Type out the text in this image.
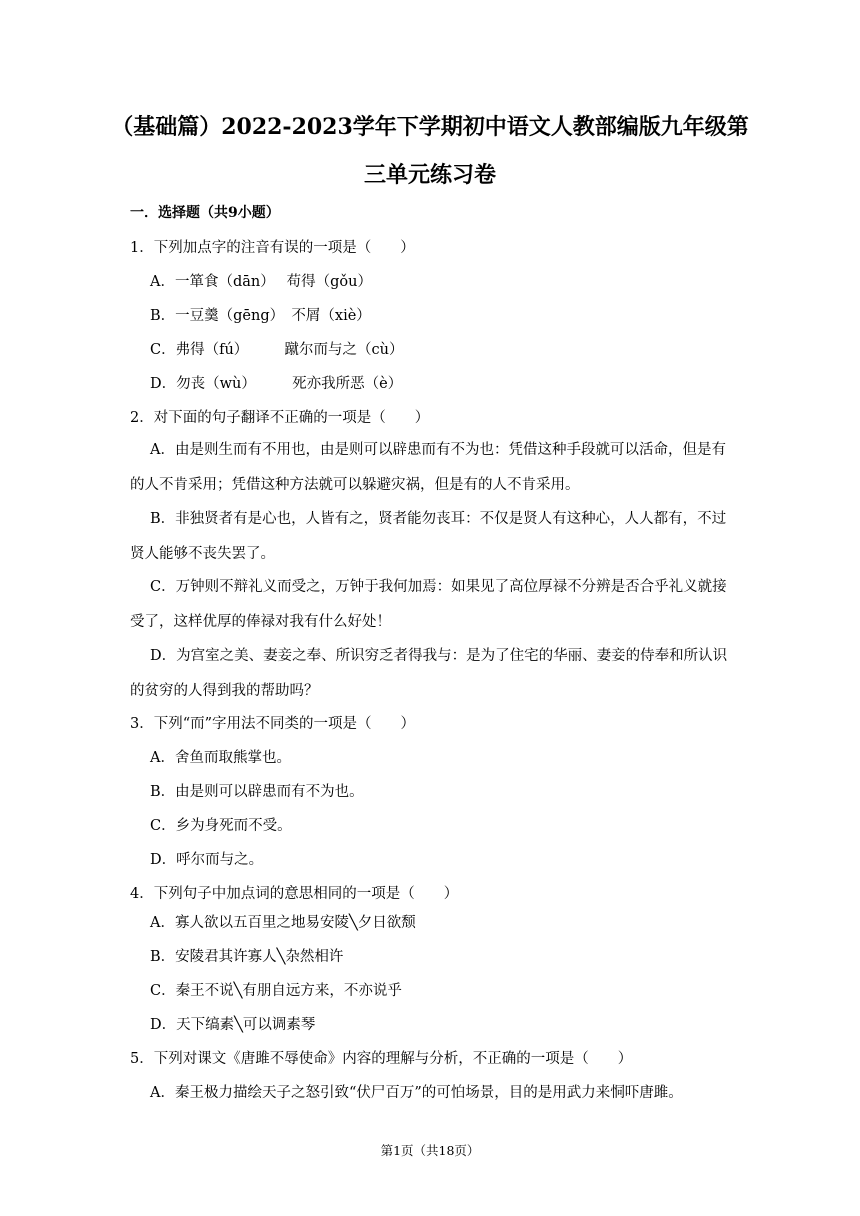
（基础篇）2022-2023学年下学期初中语文人教部编版九年级第
三单元练习卷
一．选择题（共9小题）
1．下列加点字的注音有误的一项是（　　）
A．一箪食（dān）　 苟得（gǒu）
B．一豆羹（gēng）　不屑（xiè）
C．弗得（fú）　　　蹴尔而与之（cù）
D．勿丧（wù）　　　死亦我所恶（è）
2．对下面的句子翻译不正确的一项是（　　）
A．由是则生而有不用也，由是则可以辟患而有不为也：凭借这种手段就可以活命，但是有的人不肯采用；凭借这种方法就可以躲避灾祸，但是有的人不肯采用。
B．非独贤者有是心也，人皆有之，贤者能勿丧耳：不仅是贤人有这种心，人人都有，不过贤人能够不丧失罢了。
C．万钟则不辩礼义而受之，万钟于我何加焉：如果见了高位厚禄不分辨是否合乎礼义就接受了，这样优厚的俸禄对我有什么好处！
D．为宫室之美、妻妾之奉、所识穷乏者得我与：是为了住宅的华丽、妻妾的侍奉和所认识的贫穷的人得到我的帮助吗？
3．下列“而”字用法不同类的一项是（　　）
A．舍鱼而取熊掌也。
B．由是则可以辟患而有不为也。
C．乡为身死而不受。
D．呼尔而与之。
4．下列句子中加点词的意思相同的一项是（　　）
A．寡人欲以五百里之地易安陵╲夕日欲颓
B．安陵君其许寡人╲杂然相许
C．秦王不说╲有朋自远方来，不亦说乎
D．天下缟素╲可以调素琴
5．下列对课文《唐雎不辱使命》内容的理解与分析，不正确的一项是（　　）
A．秦王极力描绘天子之怒引致“伏尸百万”的可怕场景，目的是用武力来恫吓唐雎。
第1页（共18页）
